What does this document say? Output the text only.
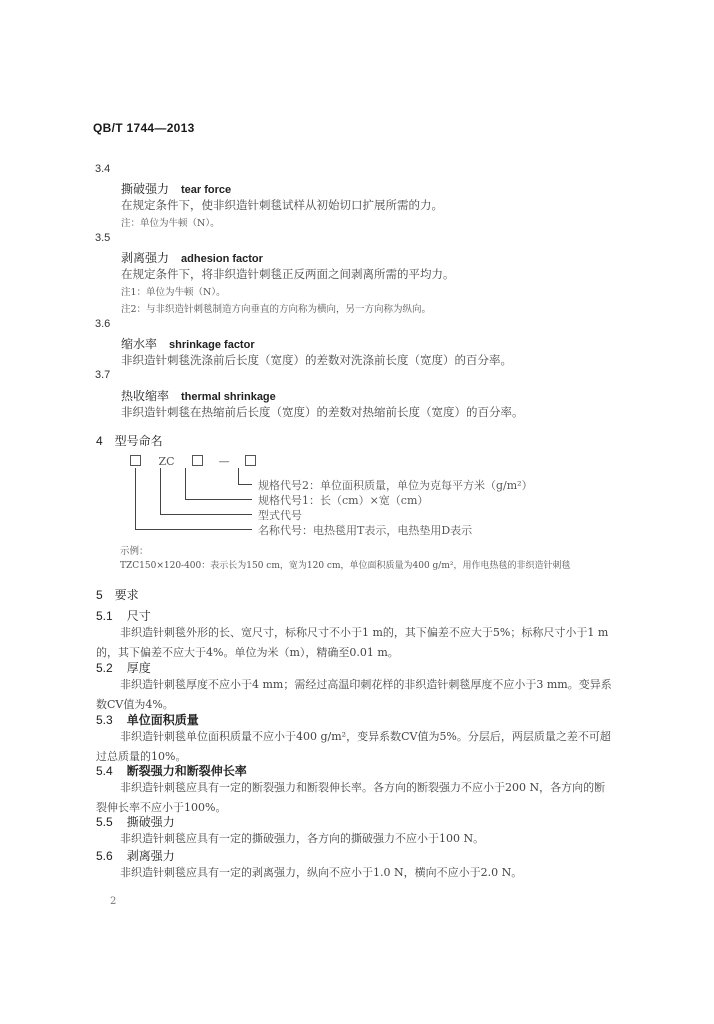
QB/T 1744—2013
3.4
撕破强力 tear force
在规定条件下，使非织造针刺毯试样从初始切口扩展所需的力。
注：单位为牛顿（N）。
3.5
剥离强力 adhesion factor
在规定条件下，将非织造针刺毯正反两面之间剥离所需的平均力。
注1：单位为牛顿（N）。
注2：与非织造针刺毯制造方向垂直的方向称为横向，另一方向称为纵向。
3.6
缩水率 shrinkage factor
非织造针刺毯洗涤前后长度（宽度）的差数对洗涤前长度（宽度）的百分率。
3.7
热收缩率 thermal shrinkage
非织造针刺毯在热缩前后长度（宽度）的差数对热缩前长度（宽度）的百分率。
4　型号命名
ZC	—
规格代号2：单位面积质量，单位为克每平方米（g/m²）
规格代号1：长（cm）×宽（cm）
型式代号
名称代号：电热毯用T表示，电热垫用D表示
示例：
TZC150×120-400：表示长为150 cm，宽为120 cm，单位面积质量为400 g/m²，用作电热毯的非织造针刺毯
5　要求
5.1 尺寸
非织造针刺毯外形的长、宽尺寸，标称尺寸不小于1 m的，其下偏差不应大于5%；标称尺寸小于1 m的，其下偏差不应大于4%。单位为米（m），精确至0.01 m。
5.2 厚度
非织造针刺毯厚度不应小于4 mm；需经过高温印刺花样的非织造针刺毯厚度不应小于3 mm。变异系数CV值为4%。
5.3 单位面积质量
非织造针刺毯单位面积质量不应小于400 g/m²，变异系数CV值为5%。分层后，两层质量之差不可超过总质量的10%。
5.4 断裂强力和断裂伸长率
非织造针刺毯应具有一定的断裂强力和断裂伸长率。各方向的断裂强力不应小于200 N，各方向的断裂伸长率不应小于100%。
5.5 撕破强力
非织造针刺毯应具有一定的撕破强力，各方向的撕破强力不应小于100 N。
5.6 剥离强力
非织造针刺毯应具有一定的剥离强力，纵向不应小于1.0 N，横向不应小于2.0 N。
2
